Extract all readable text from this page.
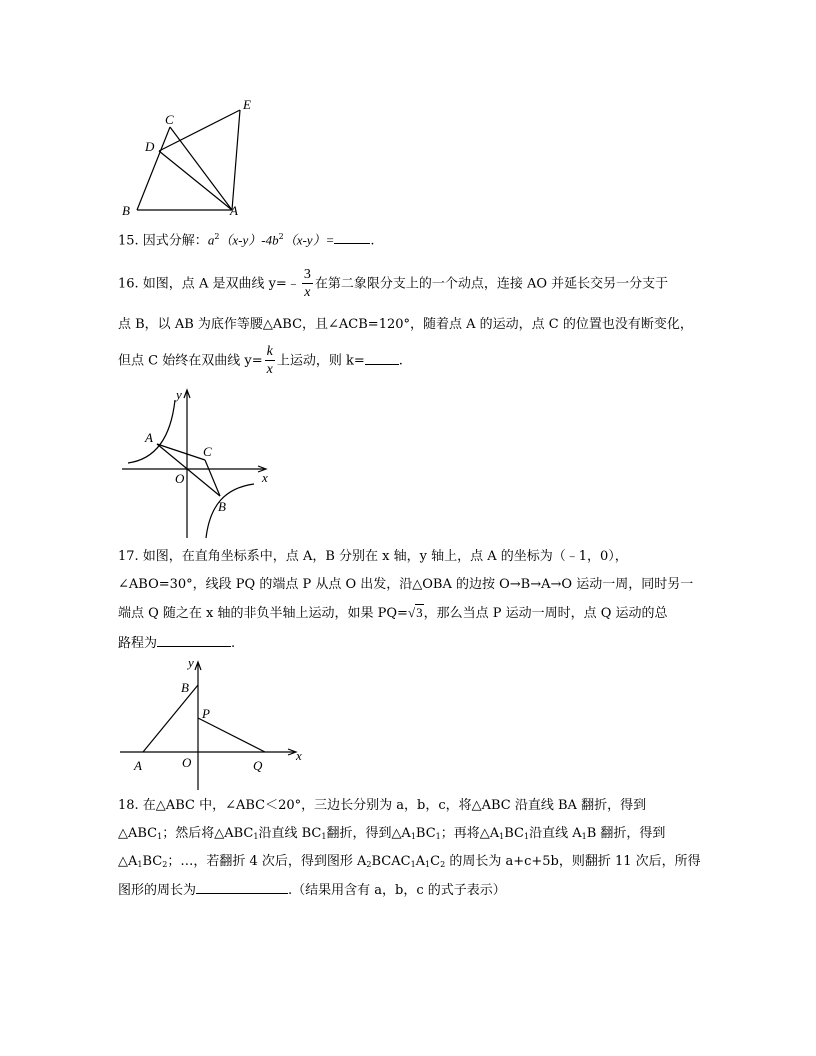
C
E
D
B	A
15. 因式分解：$a^2(x-y)-4b^2(x-y)=$	.
16. 如图，点 A 是双曲线 y=﹣ $\frac{3}{x}$ 在第二象限分支上的一个动点，连接 AO 并延长交另一分支于
点 B，以 AB 为底作等腰△ABC，且∠ACB=120°，随着点 A 的运动，点 C 的位置也没有断变化，
但点 C 始终在双曲线 $y= \frac{k}{x}$ 上运动，则 k=	.
y
A
C
O	x
B
17. 如图，在直角坐标系中，点 A，B 分别在 x 轴，y 轴上，点 A 的坐标为（﹣1，0），
∠ABO=30°，线段 PQ 的端点 P 从点 O 出发，沿△OBA 的边按 O→B→A→O 运动一周，同时另一
端点 Q 随之在 x 轴的非负半轴上运动，如果 PQ=√3，那么当点 P 运动一周时，点 Q 运动的总
路程为	.
y
B
P
x
A	O	Q
18. 在△ABC 中，∠ABC＜20°，三边长分别为 a，b，c，将△ABC 沿直线 BA 翻折，得到
$\triangle ABC_1$；然后将$\triangle ABC_1$沿直线 $BC_1$翻折，得到$\triangle A_1BC_1$；再将$\triangle A_1BC_1$沿直线 $A_1B$ 翻折，得到
$\triangle A_1BC_2$；…，若翻折 4 次后，得到图形 $A_2BCAC_1A_1C_2$ 的周长为 a+c+5b，则翻折 11 次后，所得
图形的周长为	.（结果用含有 a，b，c 的式子表示）
